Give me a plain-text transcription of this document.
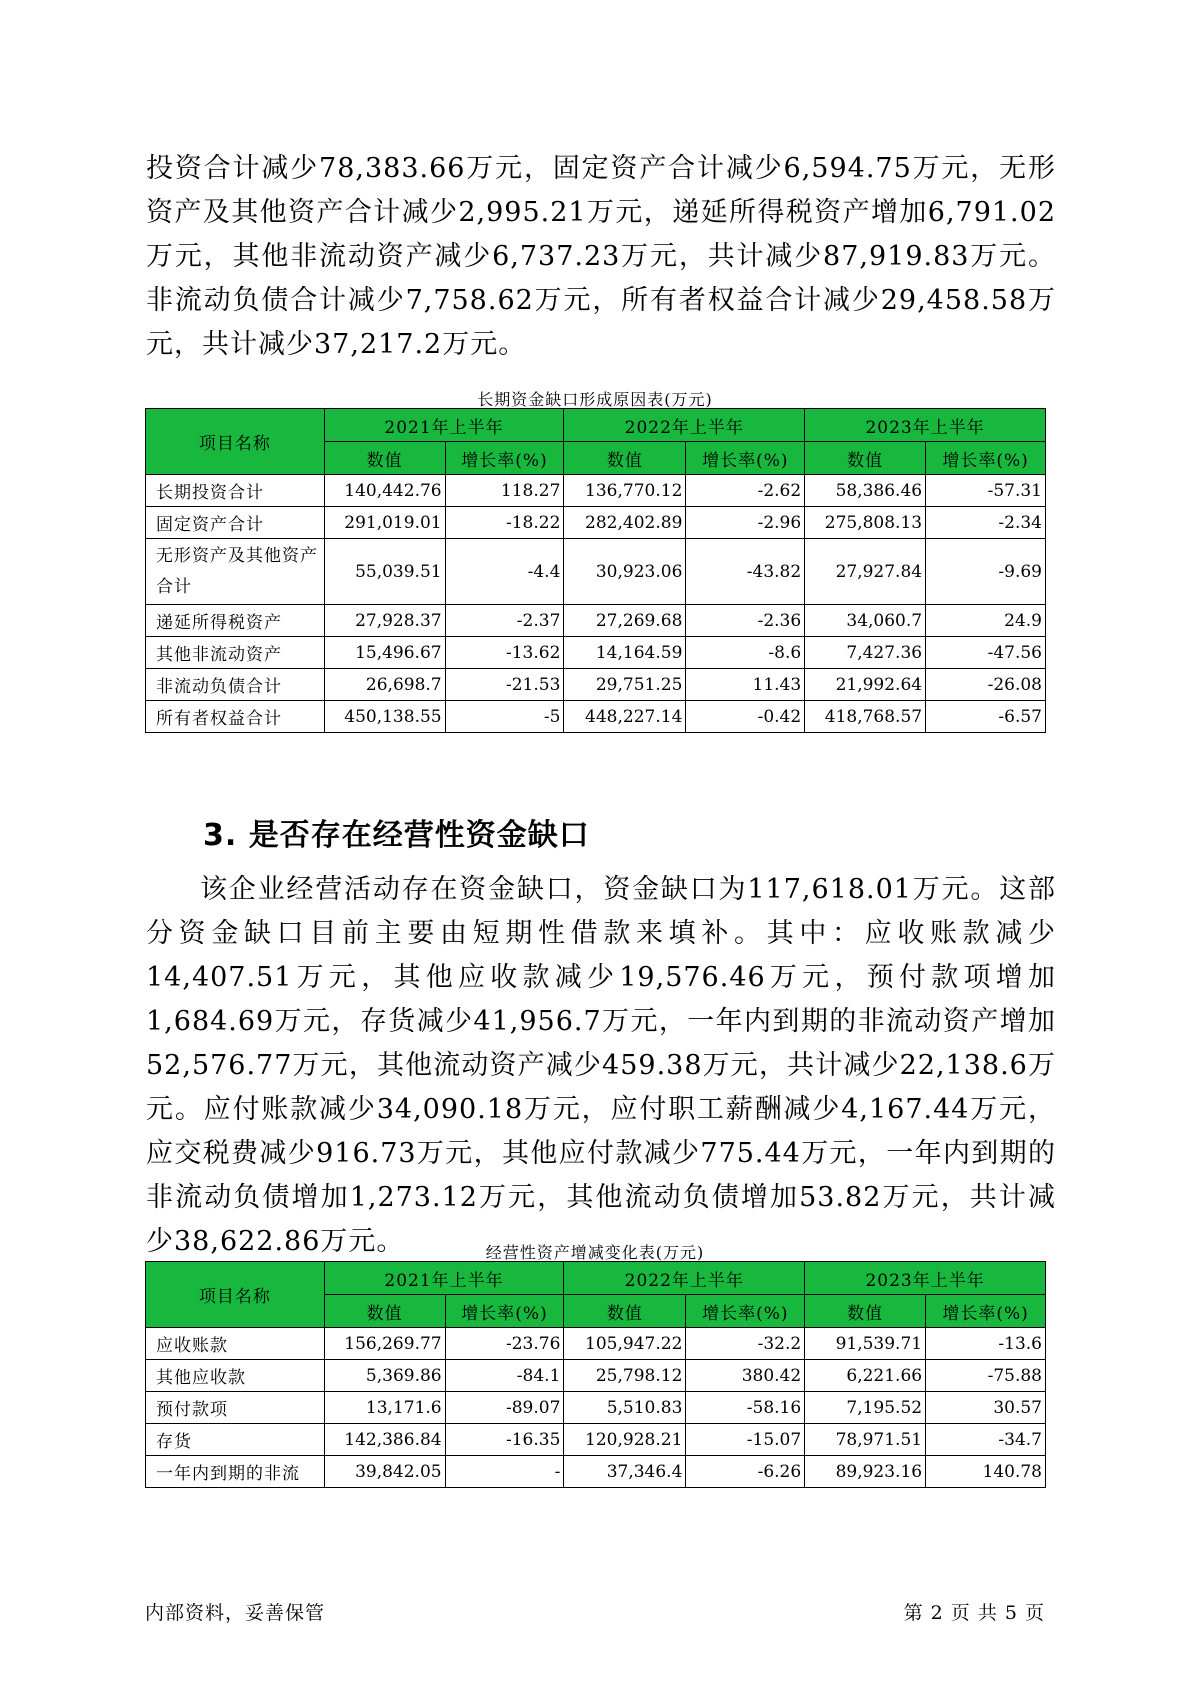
投资合计减少78,383.66万元，固定资产合计减少6,594.75万元，无形资产及其他资产合计减少2,995.21万元，递延所得税资产增加6,791.02万元，其他非流动资产减少6,737.23万元，共计减少87,919.83万元。非流动负债合计减少7,758.62万元，所有者权益合计减少29,458.58万元，共计减少37,217.2万元。

长期资金缺口形成原因表(万元)
项目名称	2021年上半年		2022年上半年		2023年上半年	
	数值	增长率(%)	数值	增长率(%)	数值	增长率(%)
长期投资合计	140,442.76	118.27	136,770.12	-2.62	58,386.46	-57.31
固定资产合计	291,019.01	-18.22	282,402.89	-2.96	275,808.13	-2.34
无形资产及其他资产合计	55,039.51	-4.4	30,923.06	-43.82	27,927.84	-9.69
递延所得税资产	27,928.37	-2.37	27,269.68	-2.36	34,060.7	24.9
其他非流动资产	15,496.67	-13.62	14,164.59	-8.6	7,427.36	-47.56
非流动负债合计	26,698.7	-21.53	29,751.25	11.43	21,992.64	-26.08
所有者权益合计	450,138.55	-5	448,227.14	-0.42	418,768.57	-6.57
3. 是否存在经营性资金缺口

该企业经营活动存在资金缺口，资金缺口为117,618.01万元。这部分资金缺口目前主要由短期性借款来填补。其中：应收账款减少14,407.51万元，其他应收款减少19,576.46万元，预付款项增加1,684.69万元，存货减少41,956.7万元，一年内到期的非流动资产增加52,576.77万元，其他流动资产减少459.38万元，共计减少22,138.6万元。应付账款减少34,090.18万元，应付职工薪酬减少4,167.44万元，应交税费减少916.73万元，其他应付款减少775.44万元，一年内到期的非流动负债增加1,273.12万元，其他流动负债增加53.82万元，共计减少38,622.86万元。	经营性资产增减变化表(万元)
项目名称	2021年上半年		2022年上半年		2023年上半年	
	数值	增长率(%)	数值	增长率(%)	数值	增长率(%)
应收账款	156,269.77	-23.76	105,947.22	-32.2	91,539.71	-13.6
其他应收款	5,369.86	-84.1	25,798.12	380.42	6,221.66	-75.88
预付款项	13,171.6	-89.07	5,510.83	-58.16	7,195.52	30.57
存货	142,386.84	-16.35	120,928.21	-15.07	78,971.51	-34.7
一年内到期的非流	39,842.05	-	37,346.4	-6.26	89,923.16	140.78
内部资料，妥善保管	第 2 页 共 5 页
